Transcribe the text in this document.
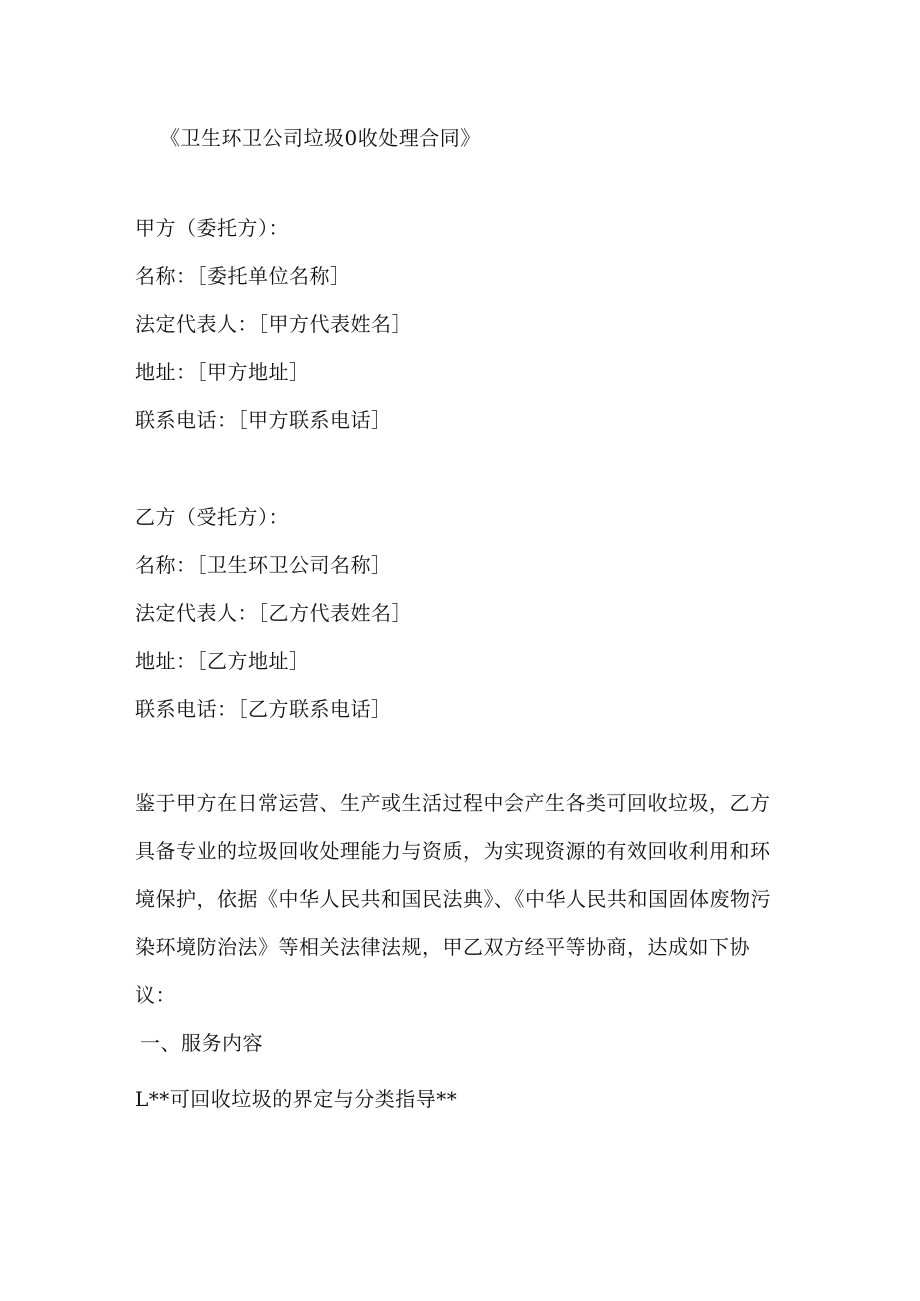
《卫生环卫公司垃圾0收处理合同》
甲方（委托方）：
名称：［委托单位名称］
法定代表人：［甲方代表姓名］
地址：［甲方地址］
联系电话：［甲方联系电话］
乙方（受托方）：
名称：［卫生环卫公司名称］
法定代表人：［乙方代表姓名］
地址：［乙方地址］
联系电话：［乙方联系电话］
鉴于甲方在日常运营、生产或生活过程中会产生各类可回收垃圾，乙方具备专业的垃圾回收处理能力与资质，为实现资源的有效回收利用和环境保护，依据《中华人民共和国民法典》、《中华人民共和国固体废物污染环境防治法》等相关法律法规，甲乙双方经平等协商，达成如下协议：
一、服务内容
L**可回收垃圾的界定与分类指导**
